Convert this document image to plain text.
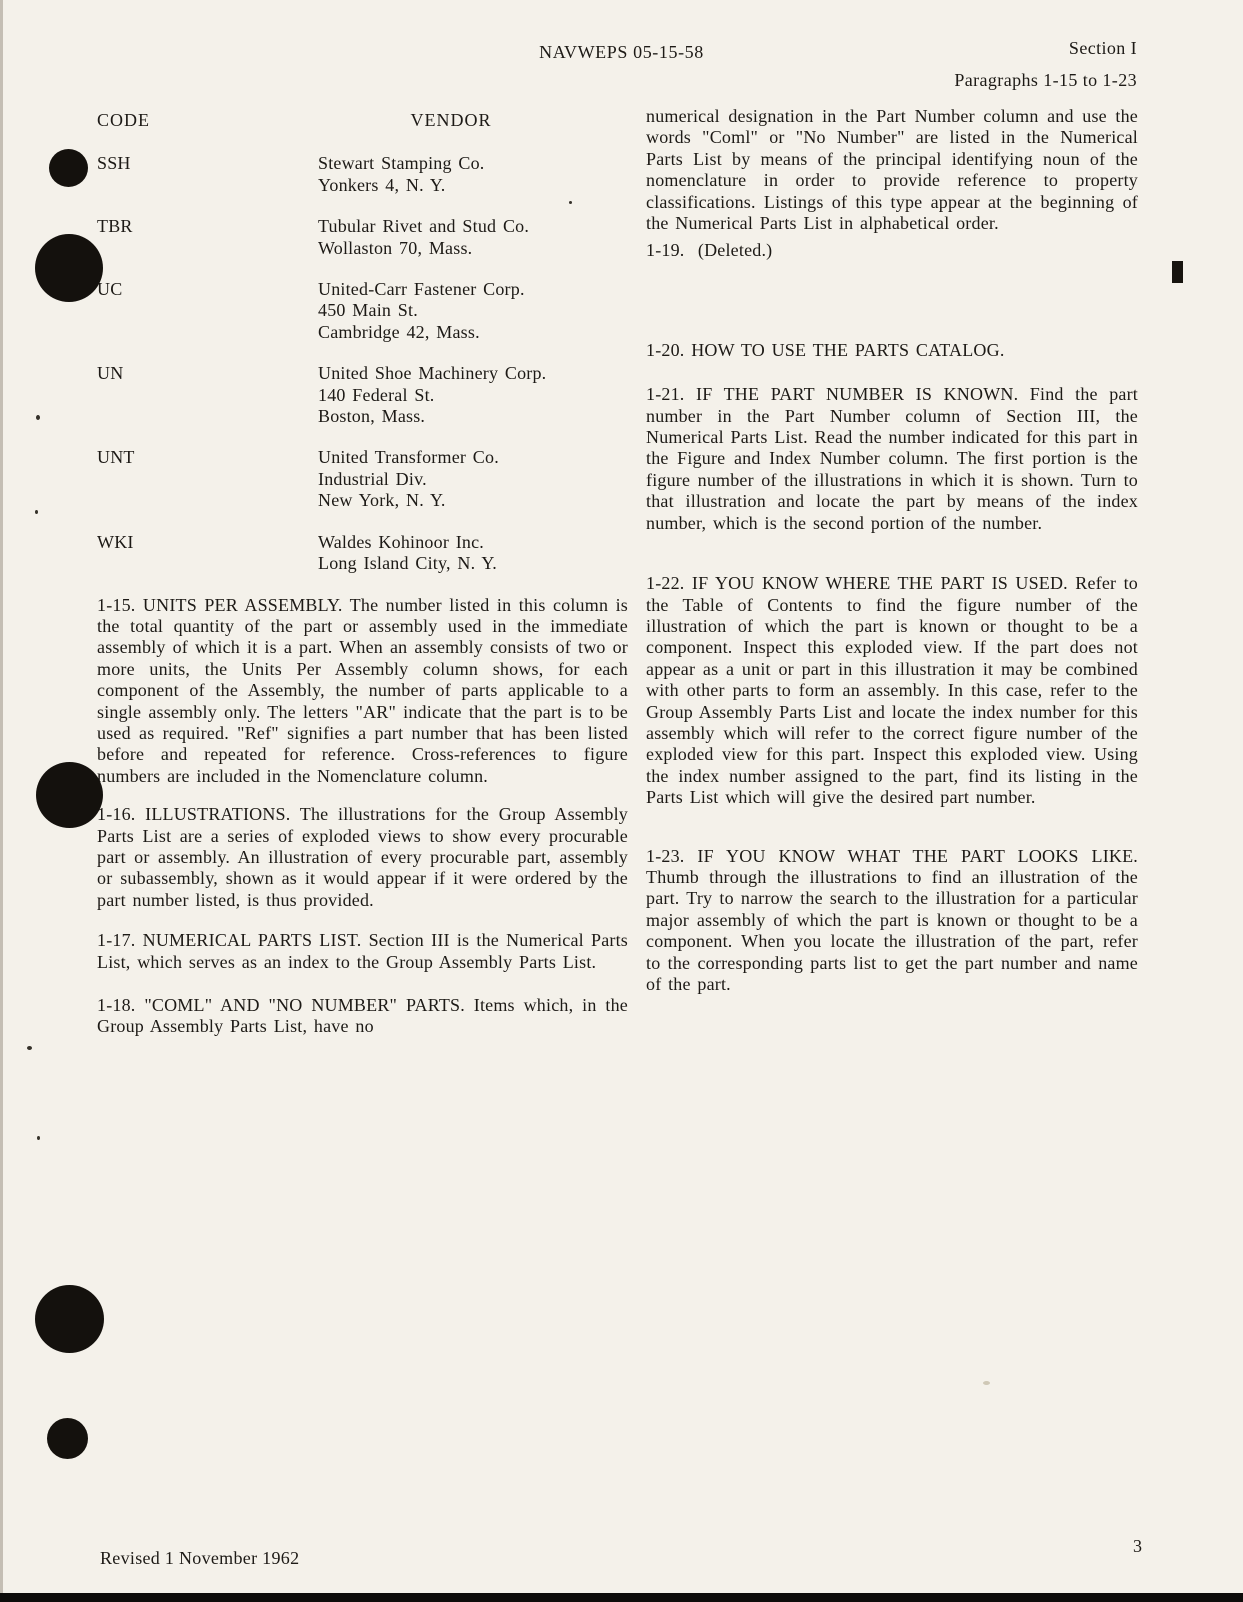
NAVWEPS 05-15-58	Section I
Paragraphs 1-15 to 1-23
CODE	VENDOR
SSH	Stewart Stamping Co.
Yonkers 4, N. Y.
TBR	Tubular Rivet and Stud Co.
Wollaston 70, Mass.
UC	United-Carr Fastener Corp.
450 Main St.
Cambridge 42, Mass.
UN	United Shoe Machinery Corp.
140 Federal St.
Boston, Mass.
UNT	United Transformer Co.
Industrial Div.
New York, N. Y.
WKI	Waldes Kohinoor Inc.
Long Island City, N. Y.

1-15. UNITS PER ASSEMBLY. The number listed in this column is the total quantity of the part or assembly used in the immediate assembly of which it is a part. When an assembly consists of two or more units, the Units Per Assembly column shows, for each component of the Assembly, the number of parts applicable to a single assembly only. The letters "AR" indicate that the part is to be used as required. "Ref" signifies a part number that has been listed before and repeated for reference. Cross-references to figure numbers are included in the Nomenclature column.

1-16. ILLUSTRATIONS. The illustrations for the Group Assembly Parts List are a series of exploded views to show every procurable part or assembly. An illustration of every procurable part, assembly or subassembly, shown as it would appear if it were ordered by the part number listed, is thus provided.

1-17. NUMERICAL PARTS LIST. Section III is the Numerical Parts List, which serves as an index to the Group Assembly Parts List.

1-18. "COML" AND "NO NUMBER" PARTS. Items which, in the Group Assembly Parts List, have no

numerical designation in the Part Number column and use the words "Coml" or "No Number" are listed in the Numerical Parts List by means of the principal identifying noun of the nomenclature in order to provide reference to property classifications. Listings of this type appear at the beginning of the Numerical Parts List in alphabetical order.

1-19.  (Deleted.)

1-20. HOW TO USE THE PARTS CATALOG.

1-21. IF THE PART NUMBER IS KNOWN. Find the part number in the Part Number column of Section III, the Numerical Parts List. Read the number indicated for this part in the Figure and Index Number column. The first portion is the figure number of the illustrations in which it is shown. Turn to that illustration and locate the part by means of the index number, which is the second portion of the number.

1-22. IF YOU KNOW WHERE THE PART IS USED. Refer to the Table of Contents to find the figure number of the illustration of which the part is known or thought to be a component. Inspect this exploded view. If the part does not appear as a unit or part in this illustration it may be combined with other parts to form an assembly. In this case, refer to the Group Assembly Parts List and locate the index number for this assembly which will refer to the correct figure number of the exploded view for this part. Inspect this exploded view. Using the index number assigned to the part, find its listing in the Parts List which will give the desired part number.

1-23. IF YOU KNOW WHAT THE PART LOOKS LIKE. Thumb through the illustrations to find an illustration of the part. Try to narrow the search to the illustration for a particular major assembly of which the part is known or thought to be a component. When you locate the illustration of the part, refer to the corresponding parts list to get the part number and name of the part.

Revised 1 November 1962
3
